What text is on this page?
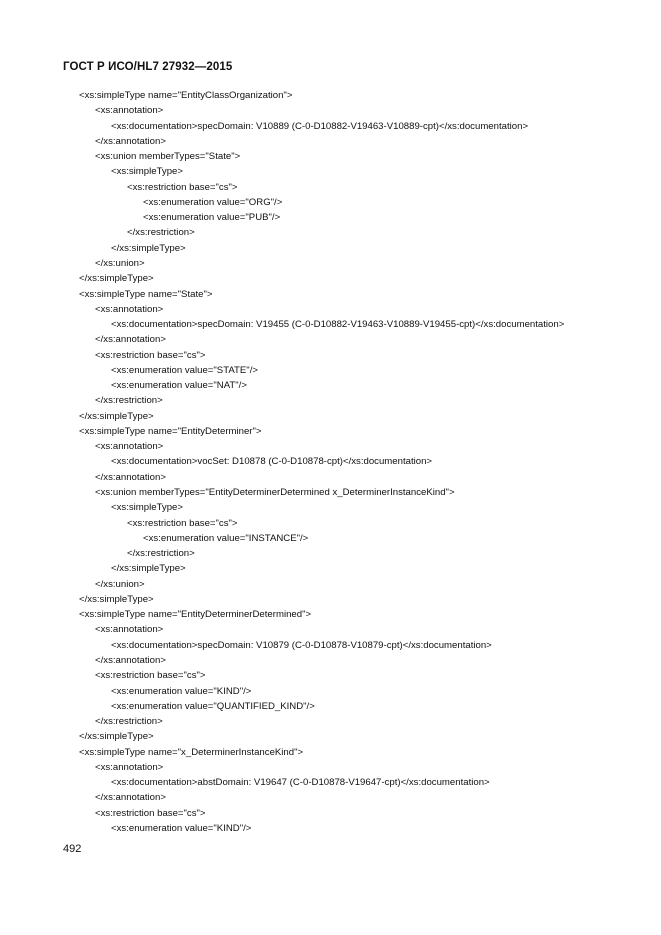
ГОСТ Р ИСО/HL7 27932—2015
<xs:simpleType name="EntityClassOrganization">
<xs:annotation>
<xs:documentation>specDomain: V10889 (C-0-D10882-V19463-V10889-cpt)</xs:documentation>
</xs:annotation>
<xs:union memberTypes="State">
<xs:simpleType>
<xs:restriction base="cs">
<xs:enumeration value="ORG"/>
<xs:enumeration value="PUB"/>
</xs:restriction>
</xs:simpleType>
</xs:union>
</xs:simpleType>
<xs:simpleType name="State">
<xs:annotation>
<xs:documentation>specDomain: V19455 (C-0-D10882-V19463-V10889-V19455-cpt)</xs:documentation>
</xs:annotation>
<xs:restriction base="cs">
<xs:enumeration value="STATE"/>
<xs:enumeration value="NAT"/>
</xs:restriction>
</xs:simpleType>
<xs:simpleType name="EntityDeterminer">
<xs:annotation>
<xs:documentation>vocSet: D10878 (C-0-D10878-cpt)</xs:documentation>
</xs:annotation>
<xs:union memberTypes="EntityDeterminerDetermined x_DeterminerInstanceKind">
<xs:simpleType>
<xs:restriction base="cs">
<xs:enumeration value="INSTANCE"/>
</xs:restriction>
</xs:simpleType>
</xs:union>
</xs:simpleType>
<xs:simpleType name="EntityDeterminerDetermined">
<xs:annotation>
<xs:documentation>specDomain: V10879 (C-0-D10878-V10879-cpt)</xs:documentation>
</xs:annotation>
<xs:restriction base="cs">
<xs:enumeration value="KIND"/>
<xs:enumeration value="QUANTIFIED_KIND"/>
</xs:restriction>
</xs:simpleType>
<xs:simpleType name="x_DeterminerInstanceKind">
<xs:annotation>
<xs:documentation>abstDomain: V19647 (C-0-D10878-V19647-cpt)</xs:documentation>
</xs:annotation>
<xs:restriction base="cs">
<xs:enumeration value="KIND"/>
492
